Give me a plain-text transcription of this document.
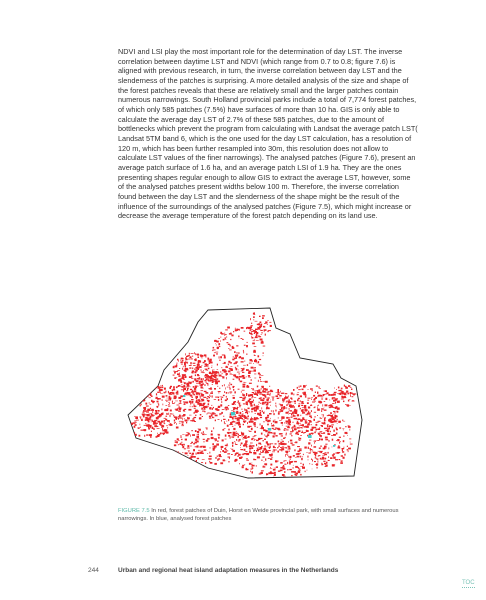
NDVI and LSI play the most important role for the determination of day LST. The inverse correlation between daytime LST and NDVI (which range from 0.7 to 0.8; figure 7.6) is aligned with previous research, in turn, the inverse correlation between day LST and the slenderness of the patches is surprising. A more detailed analysis of the size and shape of the forest patches reveals that these are relatively small and the larger patches contain numerous narrowings. South Holland provincial parks include a total of 7,774 forest patches, of which only 585 patches (7.5%) have surfaces of more than 10 ha. GIS is only able to calculate the average day LST of 2.7% of these 585 patches, due to the amount of bottlenecks which prevent the program from calculating with Landsat the average patch LST( Landsat 5TM band 6, which is the one used for the day LST calculation, has a resolution of 120 m, which has been further resampled into 30m, this resolution does not allow to calculate LST values of the finer narrowings). The analysed patches (Figure 7.6), present an average patch surface of 1.6 ha, and an average patch LSI of 1.9 ha. They are the ones presenting shapes regular enough to allow GIS to extract the average LST, however, some of the analysed patches present widths below 100 m. Therefore, the inverse correlation found between the day LST and the slenderness of the shape might be the result of the influence of the surroundings of the analysed patches (Figure 7.5), which might increase or decrease the average temperature of the forest patch depending on its land use.

FIGURE 7.5 In red, forest patches of Duin, Horst en Weide provincial park, with small surfaces and numerous narrowings. In blue, analysed forest patches

244	Urban and regional heat island adaptation measures in the Netherlands
TOC
